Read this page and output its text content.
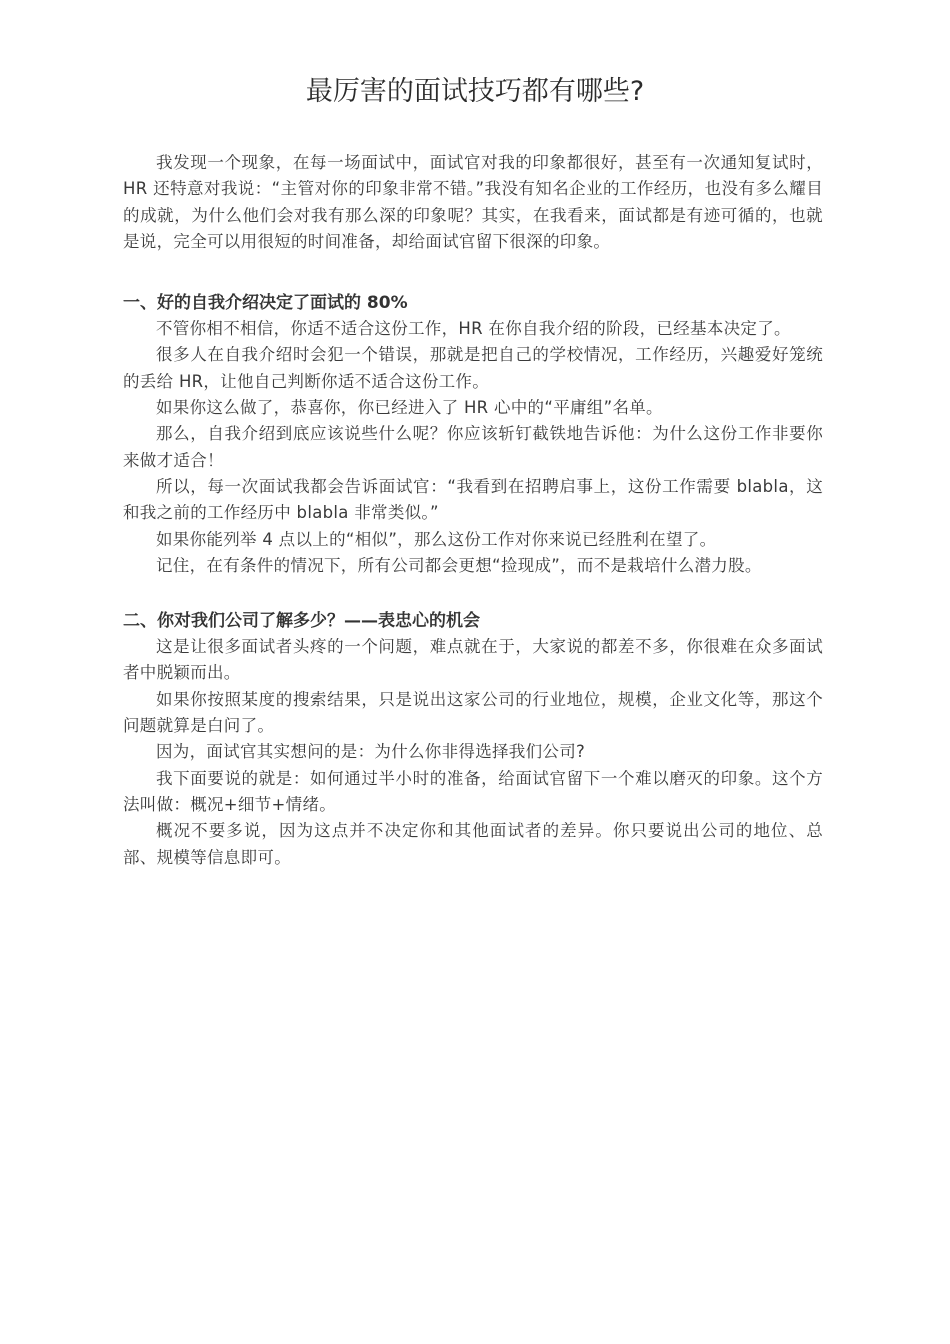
最厉害的面试技巧都有哪些?

我发现一个现象，在每一场面试中，面试官对我的印象都很好，甚至有一次通知复试时，HR 还特意对我说：“主管对你的印象非常不错。”我没有知名企业的工作经历，也没有多么耀目的成就，为什么他们会对我有那么深的印象呢？其实，在我看来，面试都是有迹可循的，也就是说，完全可以用很短的时间准备，却给面试官留下很深的印象。

一、好的自我介绍决定了面试的 80%

不管你相不相信，你适不适合这份工作，HR 在你自我介绍的阶段，已经基本决定了。

很多人在自我介绍时会犯一个错误，那就是把自己的学校情况，工作经历，兴趣爱好笼统的丢给 HR，让他自己判断你适不适合这份工作。

如果你这么做了，恭喜你，你已经进入了 HR 心中的“平庸组”名单。

那么，自我介绍到底应该说些什么呢？你应该斩钉截铁地告诉他：为什么这份工作非要你来做才适合！

所以，每一次面试我都会告诉面试官：“我看到在招聘启事上，这份工作需要 blabla，这和我之前的工作经历中 blabla 非常类似。”

如果你能列举 4 点以上的“相似”，那么这份工作对你来说已经胜利在望了。

记住，在有条件的情况下，所有公司都会更想“捡现成”，而不是栽培什么潜力股。

二、你对我们公司了解多少？——表忠心的机会

这是让很多面试者头疼的一个问题，难点就在于，大家说的都差不多，你很难在众多面试者中脱颖而出。

如果你按照某度的搜索结果，只是说出这家公司的行业地位，规模，企业文化等，那这个问题就算是白问了。

因为，面试官其实想问的是：为什么你非得选择我们公司?

我下面要说的就是：如何通过半小时的准备，给面试官留下一个难以磨灭的印象。这个方法叫做：概况+细节+情绪。

概况不要多说，因为这点并不决定你和其他面试者的差异。你只要说出公司的地位、总部、规模等信息即可。
